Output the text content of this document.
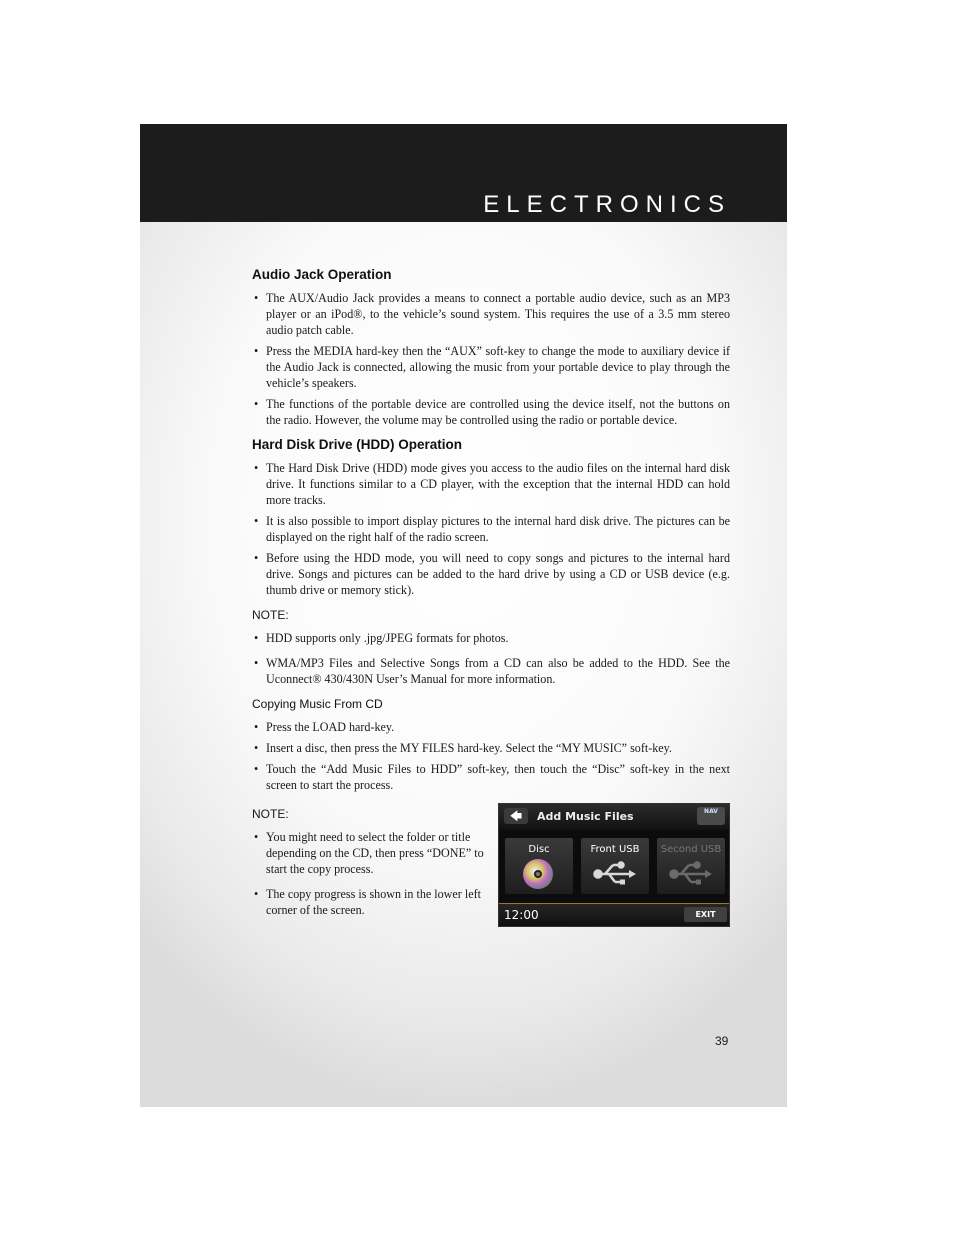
ELECTRONICS
Audio Jack Operation
• The AUX/Audio Jack provides a means to connect a portable audio device, such as an MP3 player or an iPod®, to the vehicle’s sound system. This requires the use of a 3.5 mm stereo audio patch cable.
• Press the MEDIA hard-key then the “AUX” soft-key to change the mode to auxiliary device if the Audio Jack is connected, allowing the music from your portable device to play through the vehicle’s speakers.
• The functions of the portable device are controlled using the device itself, not the buttons on the radio. However, the volume may be controlled using the radio or portable device.
Hard Disk Drive (HDD) Operation
• The Hard Disk Drive (HDD) mode gives you access to the audio files on the internal hard disk drive. It functions similar to a CD player, with the exception that the internal HDD can hold more tracks.
• It is also possible to import display pictures to the internal hard disk drive. The pictures can be displayed on the right half of the radio screen.
• Before using the HDD mode, you will need to copy songs and pictures to the internal hard drive. Songs and pictures can be added to the hard drive by using a CD or USB device (e.g. thumb drive or memory stick).
NOTE:
• HDD supports only .jpg/JPEG formats for photos.
• WMA/MP3 Files and Selective Songs from a CD can also be added to the HDD. See the Uconnect® 430/430N User’s Manual for more information.
Copying Music From CD
• Press the LOAD hard-key.
• Insert a disc, then press the MY FILES hard-key. Select the “MY MUSIC” soft-key.
• Touch the “Add Music Files to HDD” soft-key, then touch the “Disc” soft-key in the next screen to start the process.
NOTE:
• You might need to select the folder or title depending on the CD, then press “DONE” to start the copy process.
• The copy progress is shown in the lower left corner of the screen.
🡄	Add Music Files	NAV
Disc	Front USB	Second USB
12:00	EXIT
39
